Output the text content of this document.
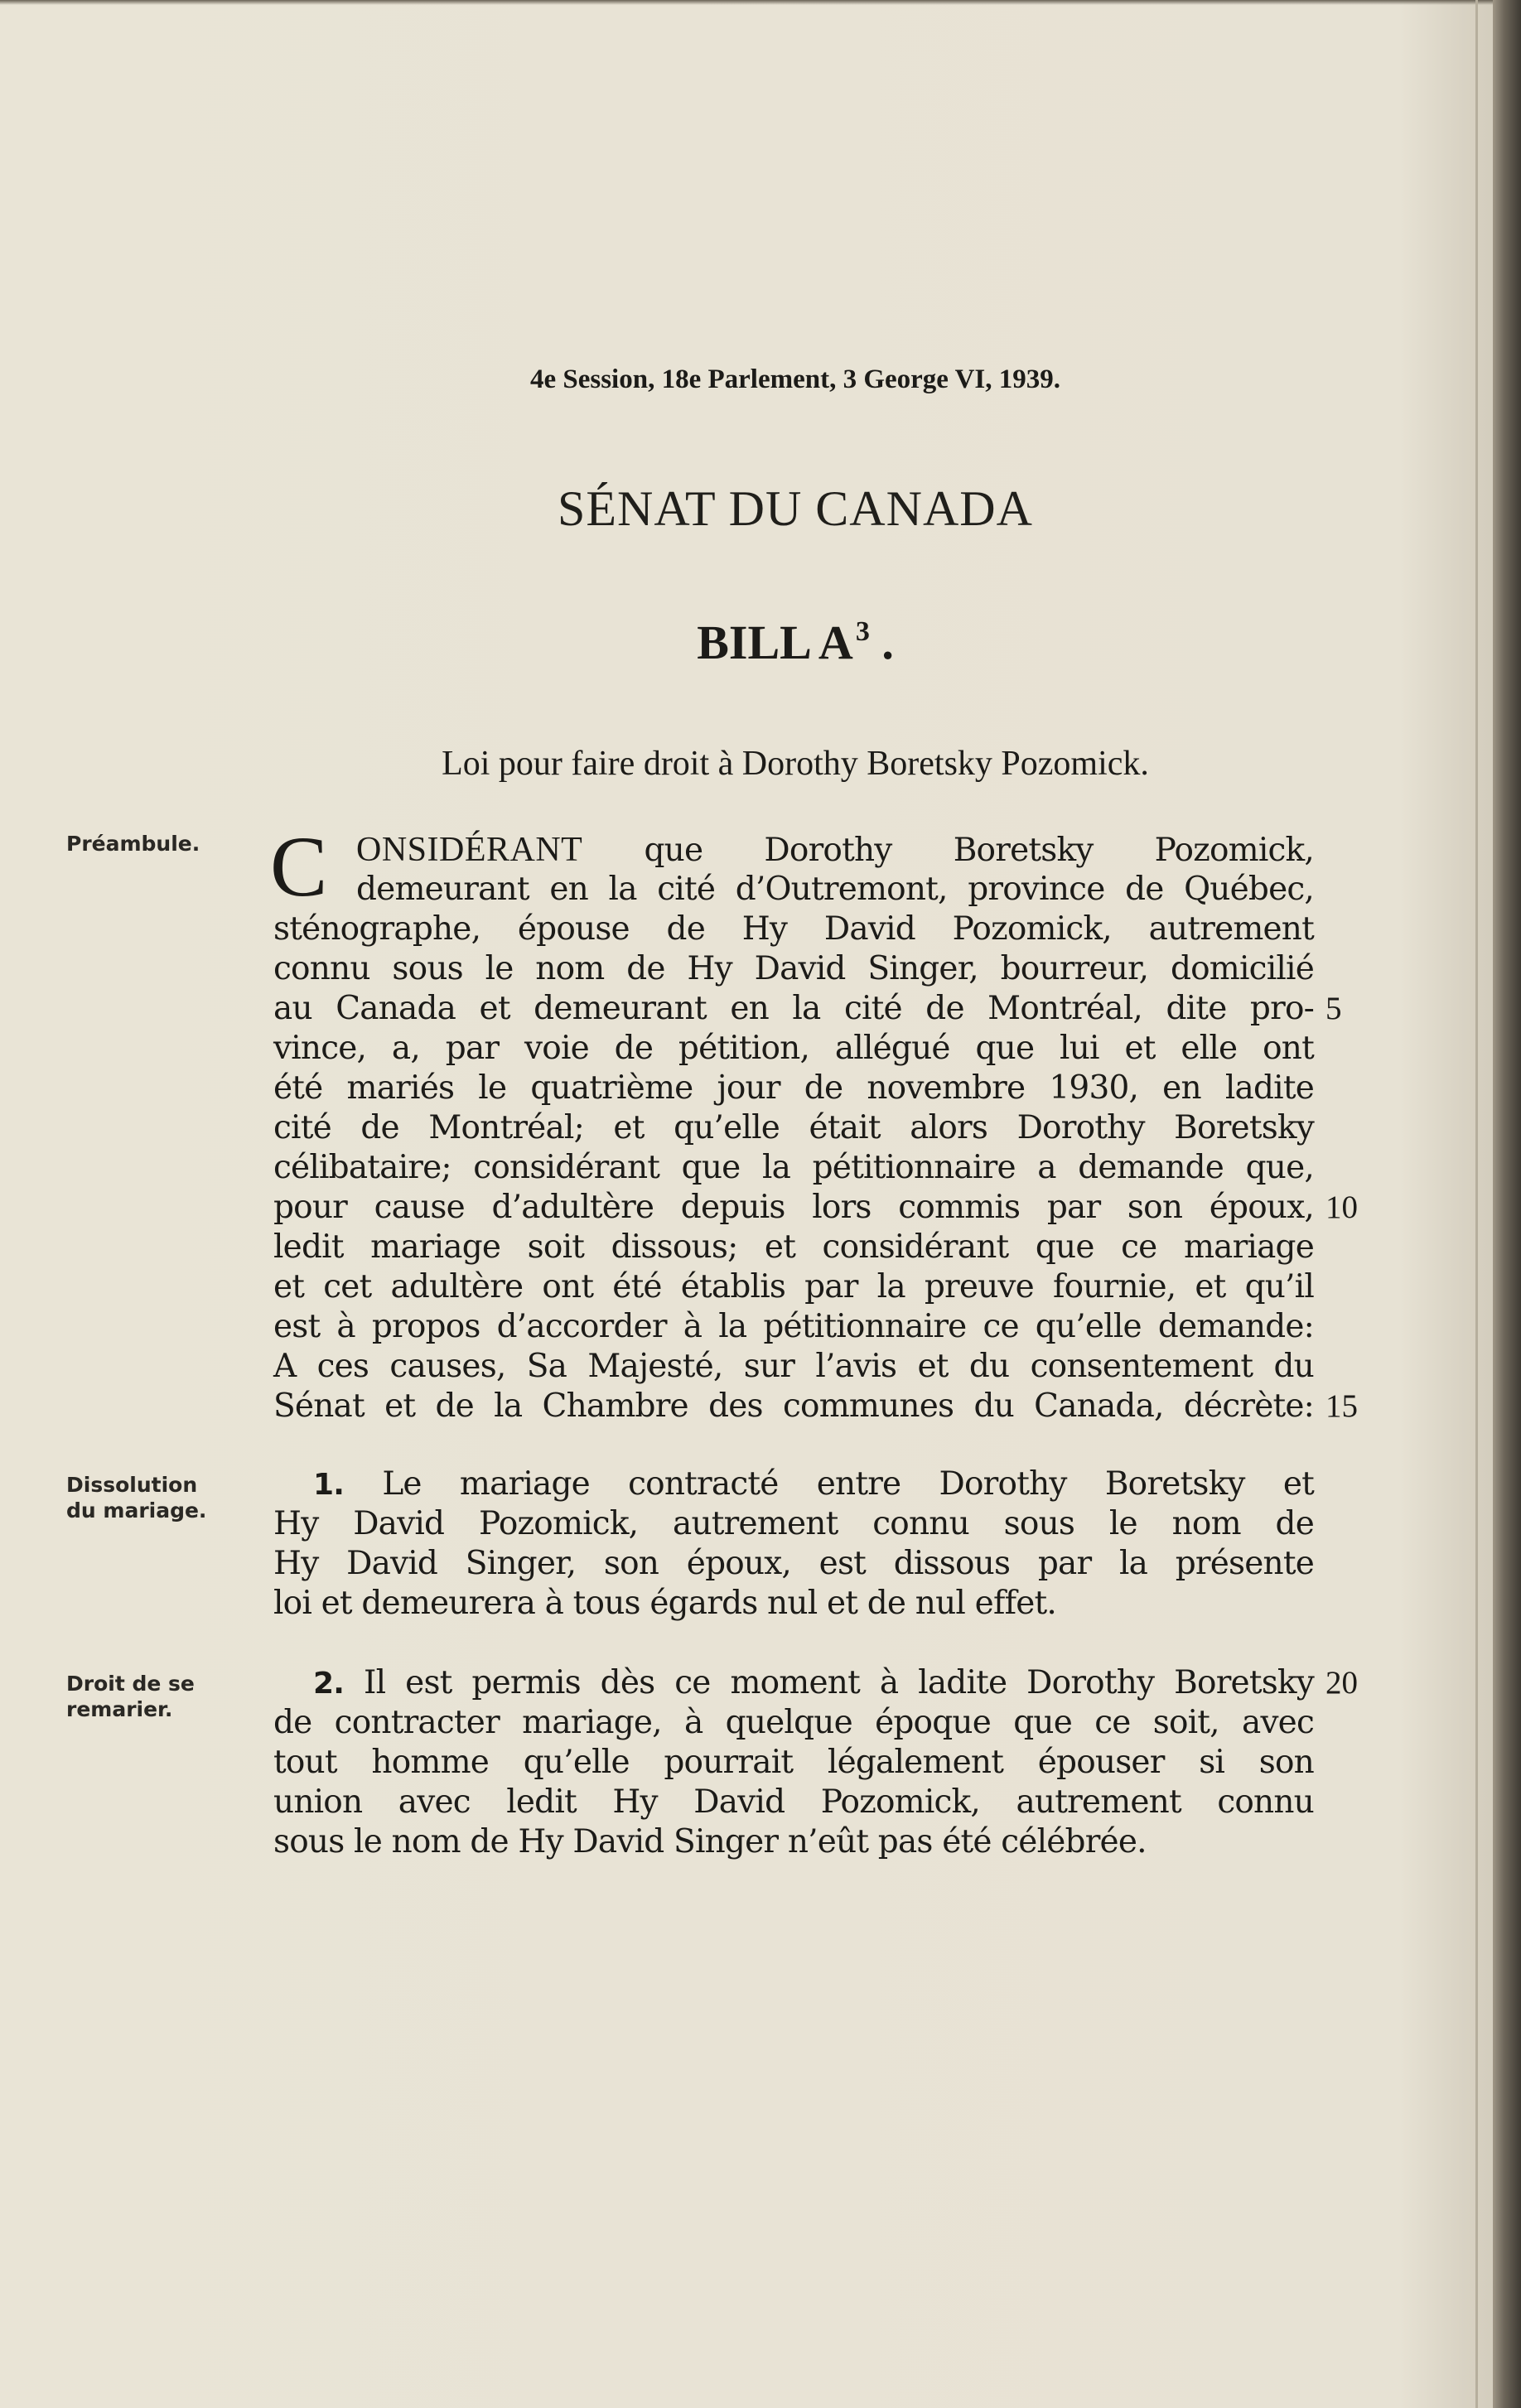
4e Session, 18e Parlement, 3 George VI, 1939.
SÉNAT DU CANADA
BILL $A^3$ .
Loi pour faire droit à Dorothy Boretsky Pozomick.
Préambule.
Dissolution
du mariage.
Droit de se
remarier.
C ONSIDÉRANT que Dorothy Boretsky Pozomick,
demeurant en la cité d’Outremont, province de Québec,
sténographe, épouse de Hy David Pozomick, autrement
connu sous le nom de Hy David Singer, bourreur, domicilié
au Canada et demeurant en la cité de Montréal, dite pro-
vince, a, par voie de pétition, allégué que lui et elle ont
été mariés le quatrième jour de novembre 1930, en ladite
cité de Montréal; et qu’elle était alors Dorothy Boretsky
célibataire; considérant que la pétitionnaire a demande que,
pour cause d’adultère depuis lors commis par son époux,
ledit mariage soit dissous; et considérant que ce mariage
et cet adultère ont été établis par la preuve fournie, et qu’il
est à propos d’accorder à la pétitionnaire ce qu’elle demande:
A ces causes, Sa Majesté, sur l’avis et du consentement du
Sénat et de la Chambre des communes du Canada, décrète:
1. Le mariage contracté entre Dorothy Boretsky et
Hy David Pozomick, autrement connu sous le nom de
Hy David Singer, son époux, est dissous par la présente
loi et demeurera à tous égards nul et de nul effet.
2. Il est permis dès ce moment à ladite Dorothy Boretsky
de contracter mariage, à quelque époque que ce soit, avec
tout homme qu’elle pourrait légalement épouser si son
union avec ledit Hy David Pozomick, autrement connu
sous le nom de Hy David Singer n’eût pas été célébrée.
5
10
15
20
